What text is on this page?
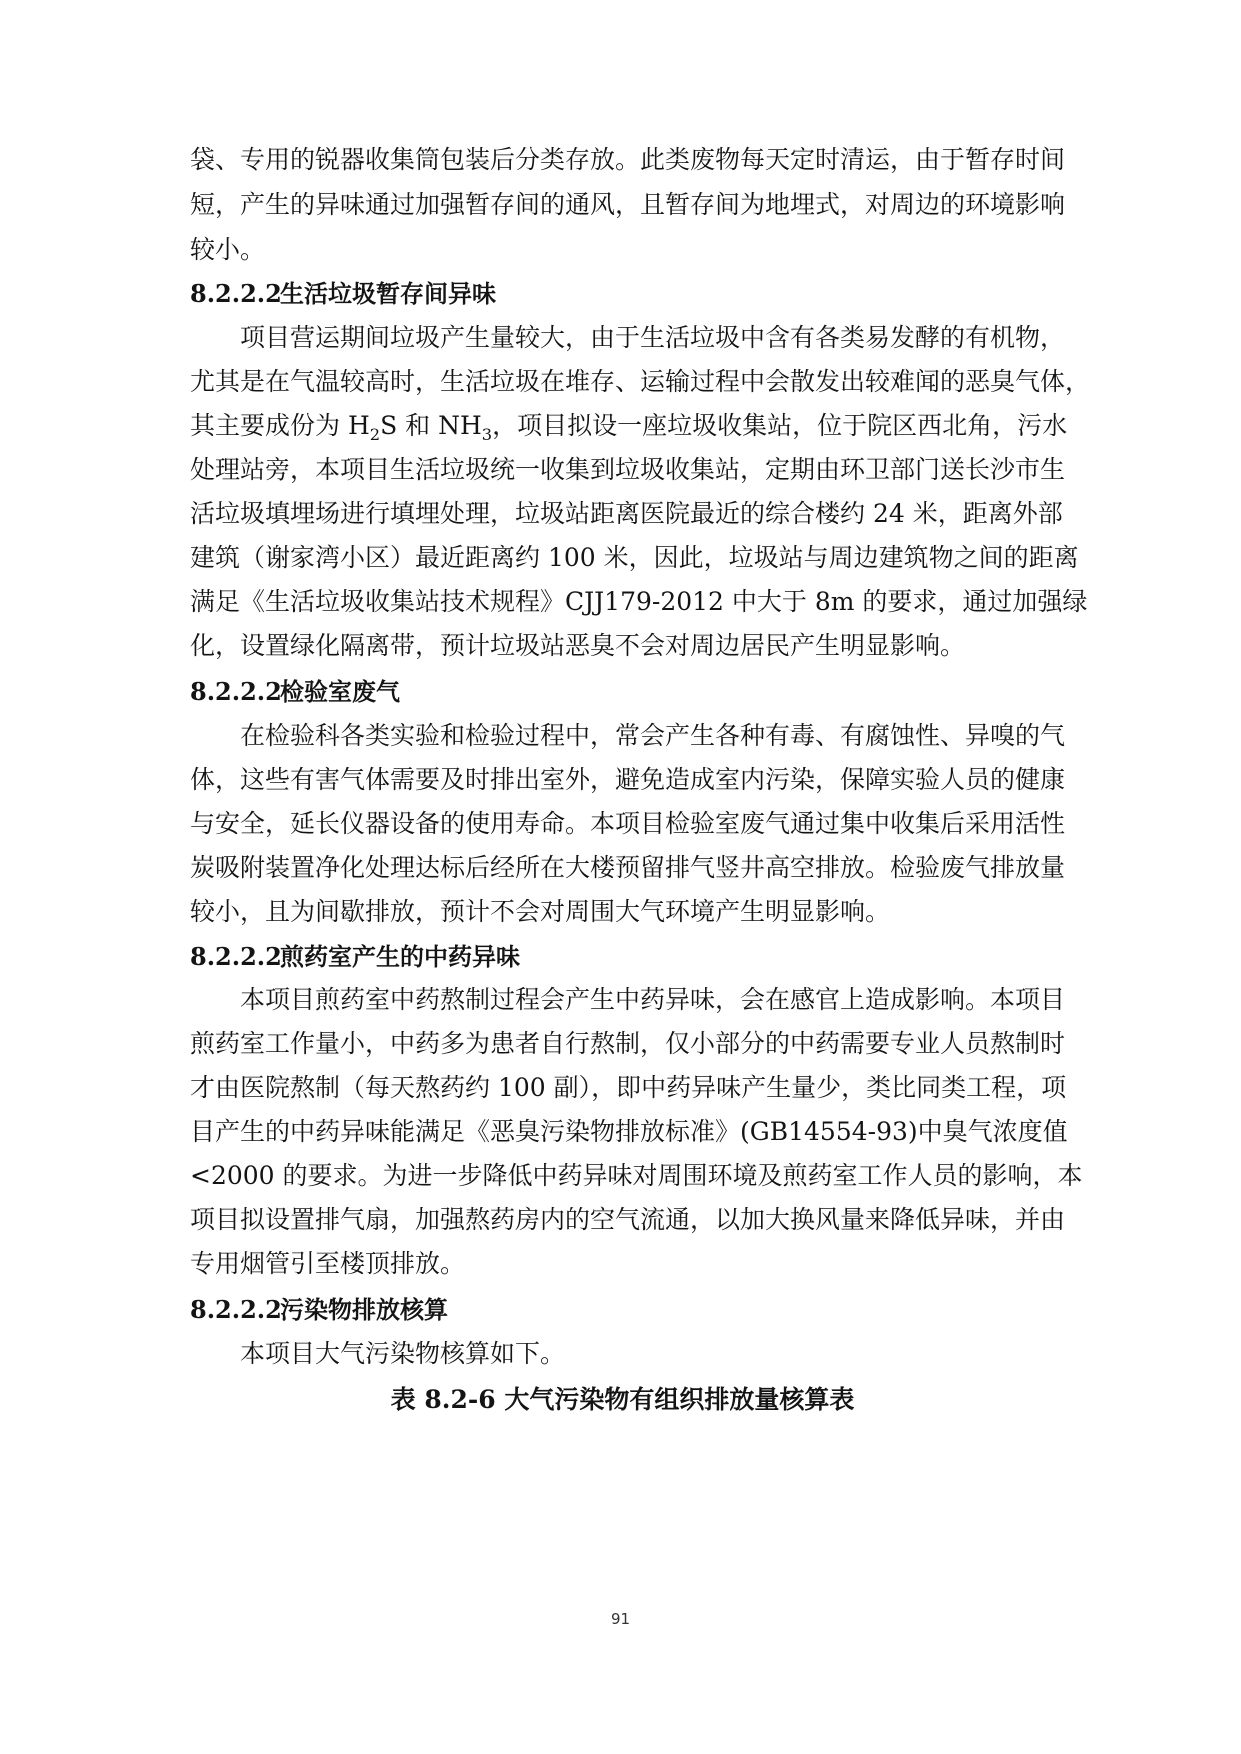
袋、专用的锐器收集筒包装后分类存放。此类废物每天定时清运，由于暂存时间
短，产生的异味通过加强暂存间的通风，且暂存间为地埋式，对周边的环境影响
较小。
8.2.2.2生活垃圾暂存间异味
项目营运期间垃圾产生量较大，由于生活垃圾中含有各类易发酵的有机物，
尤其是在气温较高时，生活垃圾在堆存、运输过程中会散发出较难闻的恶臭气体，
其主要成份为 $H_2S$ 和 $NH_3$，项目拟设一座垃圾收集站，位于院区西北角，污水
处理站旁，本项目生活垃圾统一收集到垃圾收集站，定期由环卫部门送长沙市生
活垃圾填埋场进行填埋处理，垃圾站距离医院最近的综合楼约 24 米，距离外部
建筑（谢家湾小区）最近距离约 100 米，因此，垃圾站与周边建筑物之间的距离
满足《生活垃圾收集站技术规程》CJJ179-2012 中大于 8m 的要求，通过加强绿
化，设置绿化隔离带，预计垃圾站恶臭不会对周边居民产生明显影响。
8.2.2.2检验室废气
在检验科各类实验和检验过程中，常会产生各种有毒、有腐蚀性、异嗅的气
体，这些有害气体需要及时排出室外，避免造成室内污染，保障实验人员的健康
与安全，延长仪器设备的使用寿命。本项目检验室废气通过集中收集后采用活性
炭吸附装置净化处理达标后经所在大楼预留排气竖井高空排放。检验废气排放量
较小，且为间歇排放，预计不会对周围大气环境产生明显影响。
8.2.2.2煎药室产生的中药异味
本项目煎药室中药熬制过程会产生中药异味，会在感官上造成影响。本项目
煎药室工作量小，中药多为患者自行熬制，仅小部分的中药需要专业人员熬制时
才由医院熬制（每天熬药约 100 副），即中药异味产生量少，类比同类工程，项
目产生的中药异味能满足《恶臭污染物排放标准》(GB14554-93)中臭气浓度值
<2000 的要求。为进一步降低中药异味对周围环境及煎药室工作人员的影响，本
项目拟设置排气扇，加强熬药房内的空气流通，以加大换风量来降低异味，并由
专用烟管引至楼顶排放。
8.2.2.2污染物排放核算
本项目大气污染物核算如下。
表 8.2-6 大气污染物有组织排放量核算表
91
